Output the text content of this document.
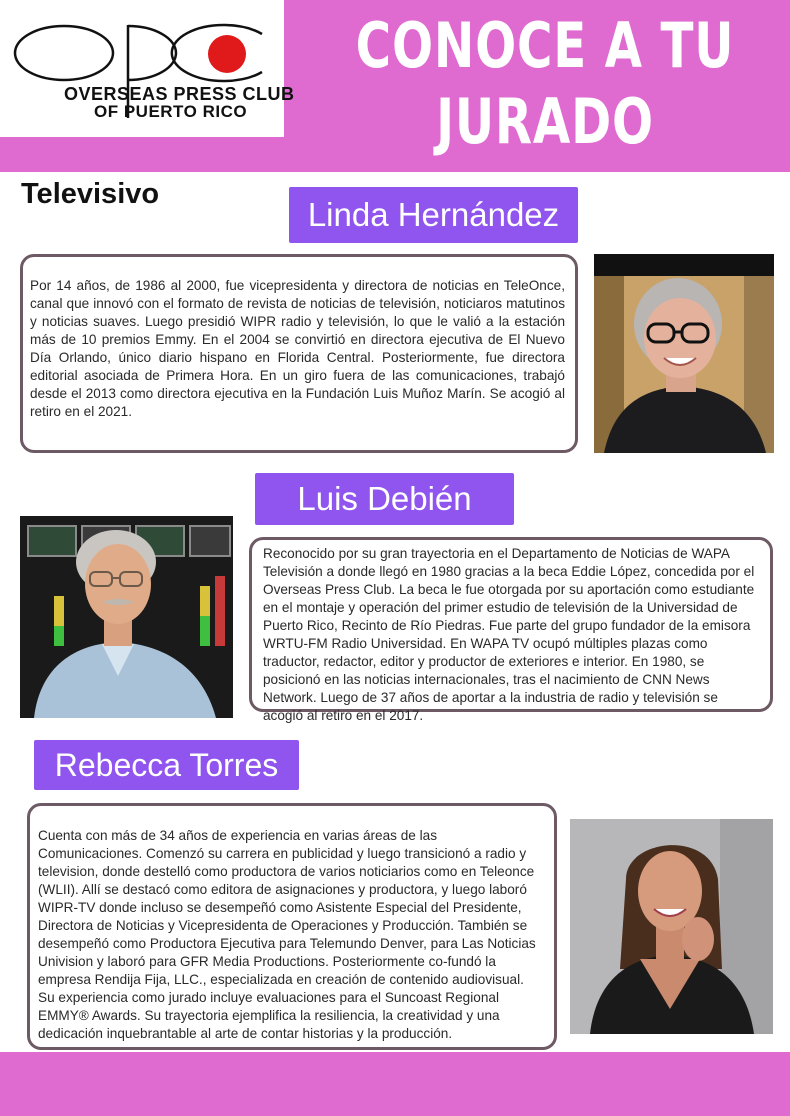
OVERSEAS PRESS CLUB
OF PUERTO RICO
CONOCE A TU
JURADO
Televisivo
Linda Hernández

Por 14 años, de 1986 al 2000, fue vicepresidenta y directora de noticias en TeleOnce, canal que innovó con el formato de revista de noticias de televisión, noticiaros matutinos y noticias suaves. Luego presidió WIPR radio y televisión, lo que le valió a la estación más de 10 premios Emmy. En el 2004 se convirtió en directora ejecutiva de El Nuevo Día Orlando, único diario hispano en Florida Central. Posteriormente, fue directora editorial asociada de Primera Hora. En un giro fuera de las comunicaciones, trabajó desde el 2013 como directora ejecutiva en la Fundación Luis Muñoz Marín. Se acogió al retiro en el 2021.

Luis Debién

Reconocido por su gran trayectoria en el Departamento de Noticias de WAPA Televisión a donde llegó en 1980 gracias a la beca Eddie López, concedida por el Overseas Press Club. La beca le fue otorgada por su aportación como estudiante en el montaje y operación del primer estudio de televisión de la Universidad de Puerto Rico, Recinto de Río Piedras. Fue parte del grupo fundador de la emisora WRTU-FM Radio Universidad. En WAPA TV ocupó múltiples plazas como traductor, redactor, editor y productor de exteriores e interior. En 1980, se posicionó en las noticias internacionales, tras el nacimiento de CNN News Network. Luego de 37 años de aportar a la industria de radio y televisión se acogió al retiro en el 2017.

Rebecca Torres

Cuenta con más de 34 años de experiencia en varias áreas de las Comunicaciones. Comenzó su carrera en publicidad y luego transicionó a radio y television, donde destelló como productora de varios noticiarios como en Teleonce (WLII). Allí se destacó como editora de asignaciones y productora, y luego laboró WIPR-TV donde incluso se desempeñó como Asistente Especial del Presidente, Directora de Noticias y Vicepresidenta de Operaciones y Producción. También se desempeñó como Productora Ejecutiva para Telemundo Denver, para Las Noticias Univision y laboró para GFR Media Productions. Posteriormente co-fundó la empresa Rendija Fija, LLC., especializada en creación de contenido audiovisual. Su experiencia como jurado incluye evaluaciones para el Suncoast Regional EMMY® Awards. Su trayectoria ejemplifica la resiliencia, la creatividad y una dedicación inquebrantable al arte de contar historias y la producción.
